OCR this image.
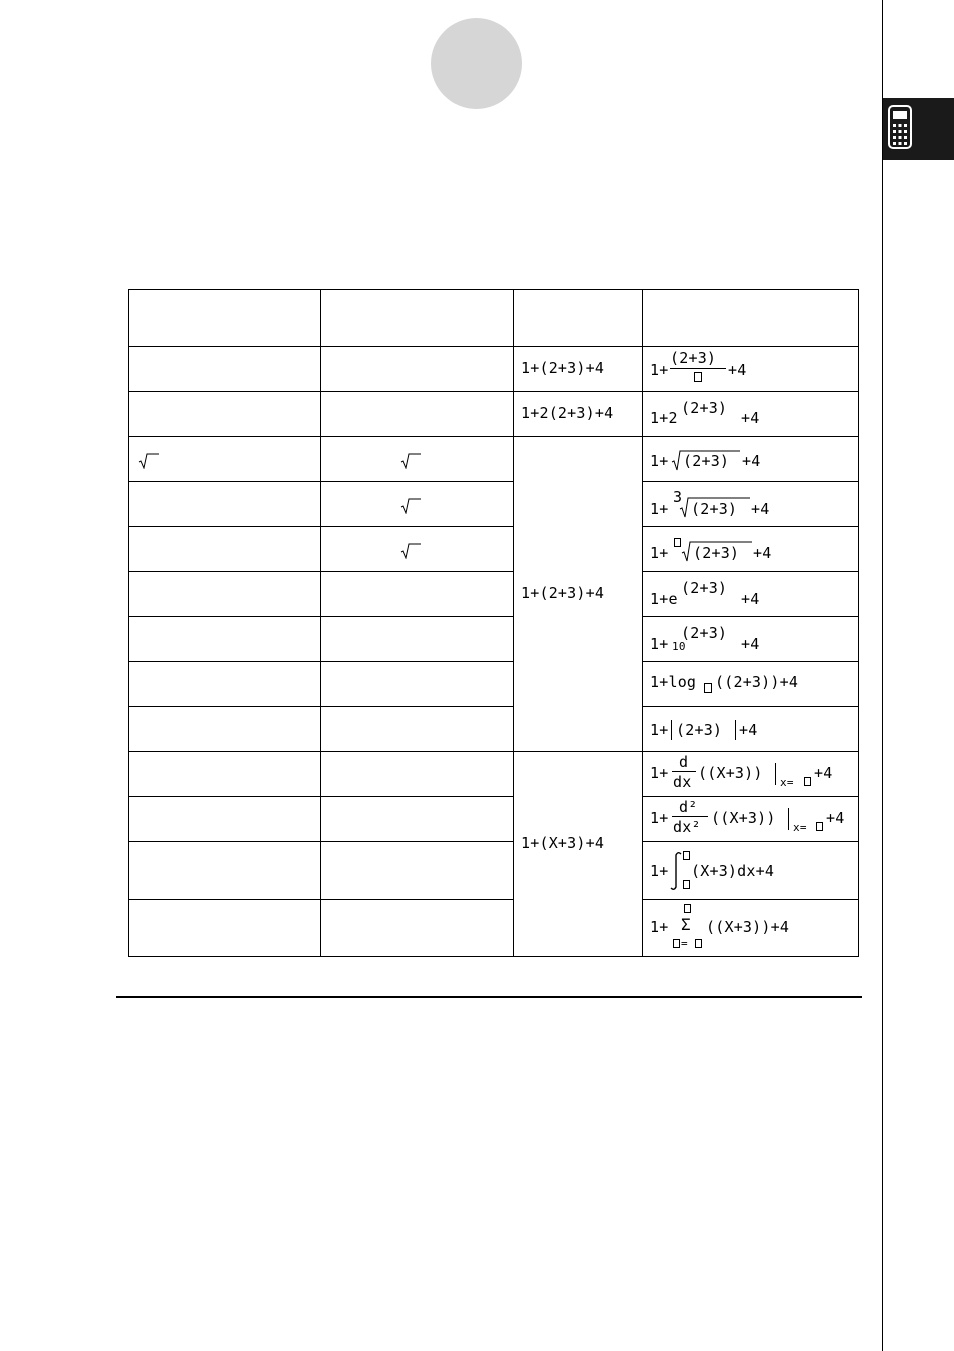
1+(2+3)+4	1+
(2+3)
+4
1+2(2+3)+4 1+2
(2+3)
+4
1+ (2+3) +4
1+
3
(2+3) +4
1+ (2+3) +4
1+e
(2+3)
+4
1+(2+3)+4
1+ 10
(2+3)
+4
1+log ((2+3))+4
1+ (2+3) +4
1+
d
dx ((X+3))
x=
+4
1+
d²
dx² ((X+3))
x=
+4
1+ (X+3)dx+4
1+ Σ
=
((X+3))+4
1+(X+3)+4
